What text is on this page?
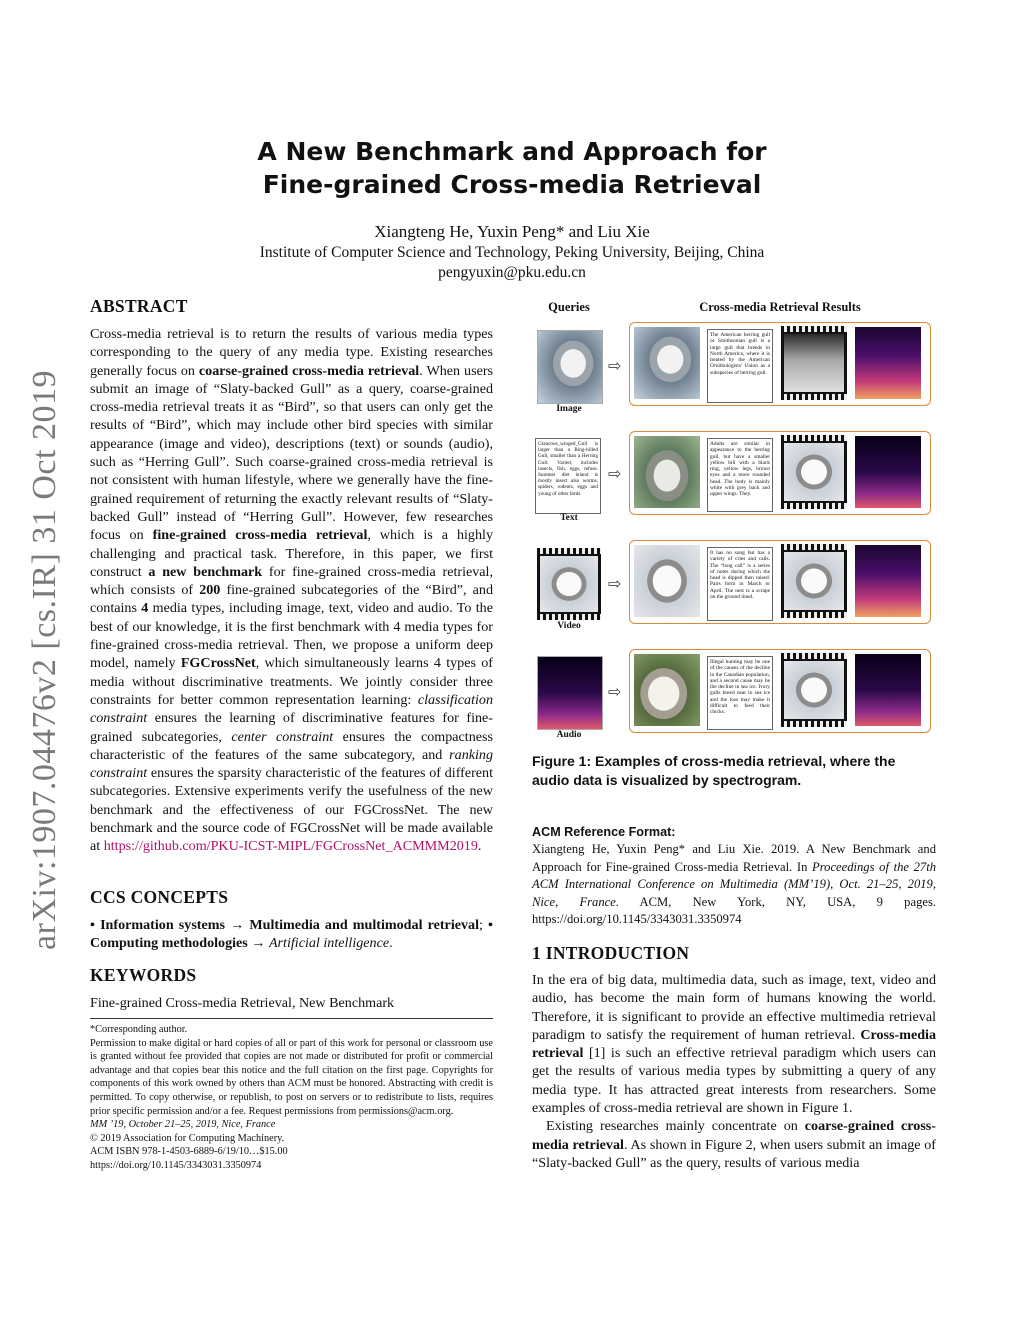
arXiv:1907.04476v2 [cs.IR] 31 Oct 2019
A New Benchmark and Approach for
Fine-grained Cross-media Retrieval
Xiangteng He, Yuxin Peng* and Liu Xie
Institute of Computer Science and Technology, Peking University, Beijing, China
pengyuxin@pku.edu.cn
ABSTRACT

Cross-media retrieval is to return the results of various media types corresponding to the query of any media type. Existing researches generally focus on coarse-grained cross-media retrieval. When users submit an image of “Slaty-backed Gull” as a query, coarse-grained cross-media retrieval treats it as “Bird”, so that users can only get the results of “Bird”, which may include other bird species with similar appearance (image and video), descriptions (text) or sounds (audio), such as “Herring Gull”. Such coarse-grained cross-media retrieval is not consistent with human lifestyle, where we generally have the fine-grained requirement of returning the exactly relevant results of “Slaty-backed Gull” instead of “Herring Gull”. However, few researches focus on fine-grained cross-media retrieval, which is a highly challenging and practical task. Therefore, in this paper, we first construct a new benchmark for fine-grained cross-media retrieval, which consists of 200 fine-grained subcategories of the “Bird”, and contains 4 media types, including image, text, video and audio. To the best of our knowledge, it is the first benchmark with 4 media types for fine-grained cross-media retrieval. Then, we propose a uniform deep model, namely FGCrossNet, which simultaneously learns 4 types of media without discriminative treatments. We jointly consider three constraints for better common representation learning: classification constraint ensures the learning of discriminative features for fine-grained subcategories, center constraint ensures the compactness characteristic of the features of the same subcategory, and ranking constraint ensures the sparsity characteristic of the features of different subcategories. Extensive experiments verify the usefulness of the new benchmark and the effectiveness of our FGCrossNet. The new benchmark and the source code of FGCrossNet will be made available at https://github.com/PKU-ICST-MIPL/FGCrossNet_ACMMM2019.

CCS CONCEPTS
• Information systems → Multimedia and multimodal retrieval; • Computing methodologies → Artificial intelligence.
KEYWORDS
Fine-grained Cross-media Retrieval, New Benchmark
*Corresponding author.
Permission to make digital or hard copies of all or part of this work for personal or classroom use is granted without fee provided that copies are not made or distributed for profit or commercial advantage and that copies bear this notice and the full citation on the first page. Copyrights for components of this work owned by others than ACM must be honored. Abstracting with credit is permitted. To copy otherwise, or republish, to post on servers or to redistribute to lists, requires prior specific permission and/or a fee. Request permissions from permissions@acm.org.
MM ’19, October 21–25, 2019, Nice, France
© 2019 Association for Computing Machinery.
ACM ISBN 978-1-4503-6889-6/19/10…$15.00
https://doi.org/10.1145/3343031.3350974
Queries	Cross-media Retrieval Results
Image
⇨
The American herring gull or Smithsonian gull is a large gull that breeds in North America, where it is treated by the American Ornithologists' Union as a subspecies of herring gull.
Glaucous_winged_Gull is larger than a Ring-billed Gull, smaller than a Herring Gull. Varied, includes insects, fish, eggs, refuse. Summer diet inland is mostly insect also worms, spiders, rodents, eggs and young of other birds.
Text
⇨
Adults are similar in appearance to the herring gull, but have a smaller yellow bill with a black ring, yellow legs, brown eyes and a more rounded head. The body is mainly white with grey back and upper wings. They.
Video
⇨
It has no song but has a variety of cries and calls. The “long call” is a series of notes during which the head is dipped then raised. Pairs form in March or April. The nest is a scrape on the ground lined.
Audio
⇨
Illegal hunting may be one of the causes of the decline in the Canadian population, and a second cause may be the decline in sea ice. Ivory gulls breed near to sea ice and the loss may make it difficult to feed their chicks.
Figure 1: Examples of cross-media retrieval, where the audio data is visualized by spectrogram.
ACM Reference Format:
Xiangteng He, Yuxin Peng* and Liu Xie. 2019. A New Benchmark and Approach for Fine-grained Cross-media Retrieval. In Proceedings of the 27th ACM International Conference on Multimedia (MM’19), Oct. 21–25, 2019, Nice, France. ACM, New York, NY, USA, 9 pages. https://doi.org/10.1145/3343031.3350974
1 INTRODUCTION

In the era of big data, multimedia data, such as image, text, video and audio, has become the main form of humans knowing the world. Therefore, it is significant to provide an effective multimedia retrieval paradigm to satisfy the requirement of human retrieval. Cross-media retrieval [1] is such an effective retrieval paradigm which users can get the results of various media types by submitting a query of any media type. It has attracted great interests from researchers. Some examples of cross-media retrieval are shown in Figure 1.

Existing researches mainly concentrate on coarse-grained cross-media retrieval. As shown in Figure 2, when users submit an image of “Slaty-backed Gull” as the query, results of various media
